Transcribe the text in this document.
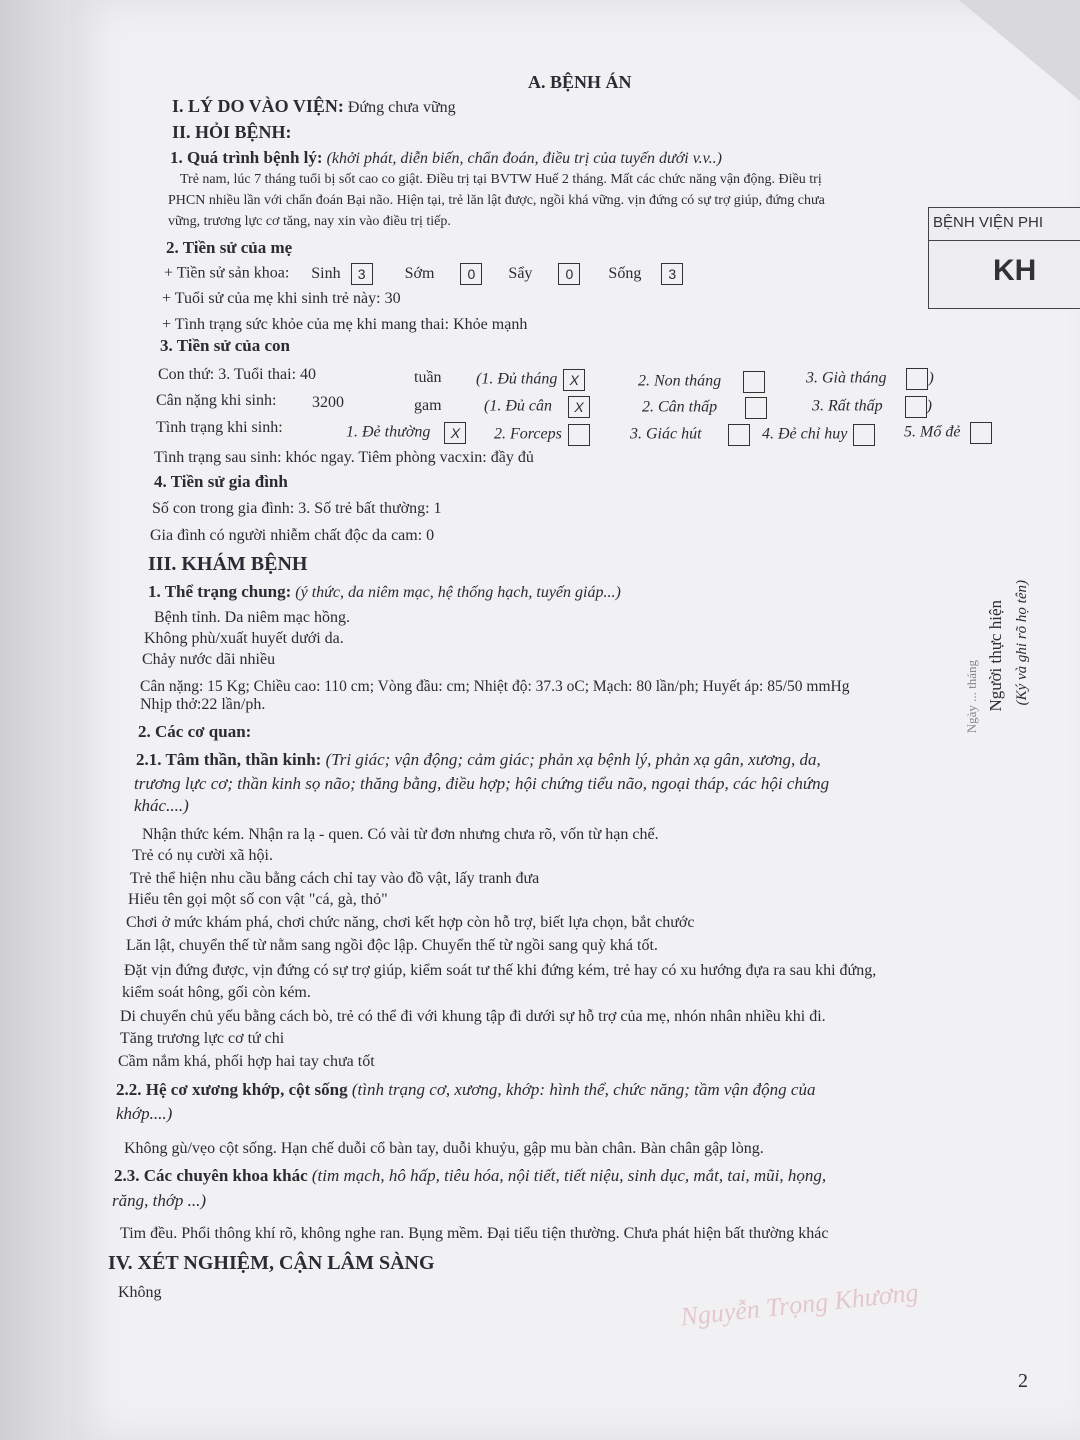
A. BỆNH ÁN
I. LÝ DO VÀO VIỆN: Đứng chưa vững
II. HỎI BỆNH:
1. Quá trình bệnh lý: (khởi phát, diễn biến, chẩn đoán, điều trị của tuyến dưới v.v..)
Trẻ nam, lúc 7 tháng tuổi bị sốt cao co giật. Điều trị tại BVTW Huế 2 tháng. Mất các chức năng vận động. Điều trị
PHCN nhiều lần với chẩn đoán Bại não. Hiện tại, trẻ lăn lật được, ngồi khá vững. vịn đứng có sự trợ giúp, đứng chưa
vững, trương lực cơ tăng, nay xin vào điều trị tiếp.
2. Tiền sử của mẹ
+ Tiền sử sản khoa: Sinh 3 Sớm 0 Sẩy 0 Sống 3
+ Tuổi sử của mẹ khi sinh trẻ này: 30
+ Tình trạng sức khỏe của mẹ khi mang thai: Khỏe mạnh
3. Tiền sử của con
Con thứ: 3. Tuổi thai: 40	tuần (1. Đủ tháng X	2. Non tháng	3. Già tháng	)
Cân nặng khi sinh: 3200	gam	(1. Đủ cân X	2. Cân thấp	3. Rất thấp	)
Tình trạng khi sinh:	1. Đẻ thường X	2. Forceps	3. Giác hút	4. Đẻ chỉ huy	5. Mổ đẻ
Tình trạng sau sinh: khóc ngay. Tiêm phòng vacxin: đầy đủ
4. Tiền sử gia đình
Số con trong gia đình: 3. Số trẻ bất thường: 1
Gia đình có người nhiễm chất độc da cam: 0
III. KHÁM BỆNH
1. Thể trạng chung: (ý thức, da niêm mạc, hệ thống hạch, tuyến giáp...)
Bệnh tỉnh. Da niêm mạc hồng.
Không phù/xuất huyết dưới da.
Chảy nước dãi nhiều
Cân nặng: 15 Kg; Chiều cao: 110 cm; Vòng đầu: cm; Nhiệt độ: 37.3 oC; Mạch: 80 lần/ph; Huyết áp: 85/50 mmHg
Nhịp thở:22 lần/ph.
2. Các cơ quan:
2.1. Tâm thần, thần kinh: (Tri giác; vận động; cảm giác; phản xạ bệnh lý, phản xạ gân, xương, da,
trương lực cơ; thần kinh sọ não; thăng bằng, điều hợp; hội chứng tiểu não, ngoại tháp, các hội chứng
khác....)
Nhận thức kém. Nhận ra lạ - quen. Có vài từ đơn nhưng chưa rõ, vốn từ hạn chế.
Trẻ có nụ cười xã hội.
Trẻ thể hiện nhu cầu bằng cách chỉ tay vào đồ vật, lấy tranh đưa
Hiểu tên gọi một số con vật "cá, gà, thỏ"
Chơi ở mức khám phá, chơi chức năng, chơi kết hợp còn hỗ trợ, biết lựa chọn, bắt chước
Lăn lật, chuyển thế từ nằm sang ngồi độc lập. Chuyển thế từ ngồi sang quỳ khá tốt.
Đặt vịn đứng được, vịn đứng có sự trợ giúp, kiểm soát tư thế khi đứng kém, trẻ hay có xu hướng đựa ra sau khi đứng,
kiểm soát hông, gối còn kém.
Di chuyển chủ yếu bằng cách bò, trẻ có thể đi với khung tập đi dưới sự hỗ trợ của mẹ, nhón nhân nhiều khi đi.
Tăng trương lực cơ tứ chi
Cầm nắm khá, phối hợp hai tay chưa tốt
2.2. Hệ cơ xương khớp, cột sống (tình trạng cơ, xương, khớp: hình thể, chức năng; tầm vận động của
khớp....)
Không gù/vẹo cột sống. Hạn chế duỗi cổ bàn tay, duỗi khuỷu, gập mu bàn chân. Bàn chân gập lòng.
2.3. Các chuyên khoa khác (tim mạch, hô hấp, tiêu hóa, nội tiết, tiết niệu, sinh dục, mắt, tai, mũi, họng,
răng, thớp ...)
Tim đều. Phổi thông khí rõ, không nghe ran. Bụng mềm. Đại tiểu tiện thường. Chưa phát hiện bất thường khác
IV. XÉT NGHIỆM, CẬN LÂM SÀNG
Không
BỆNH VIỆN PHI
KH
Người thực hiện (Ký và ghi rõ họ tên)
Ngày ... tháng
Nguyễn Trọng Khương
2
